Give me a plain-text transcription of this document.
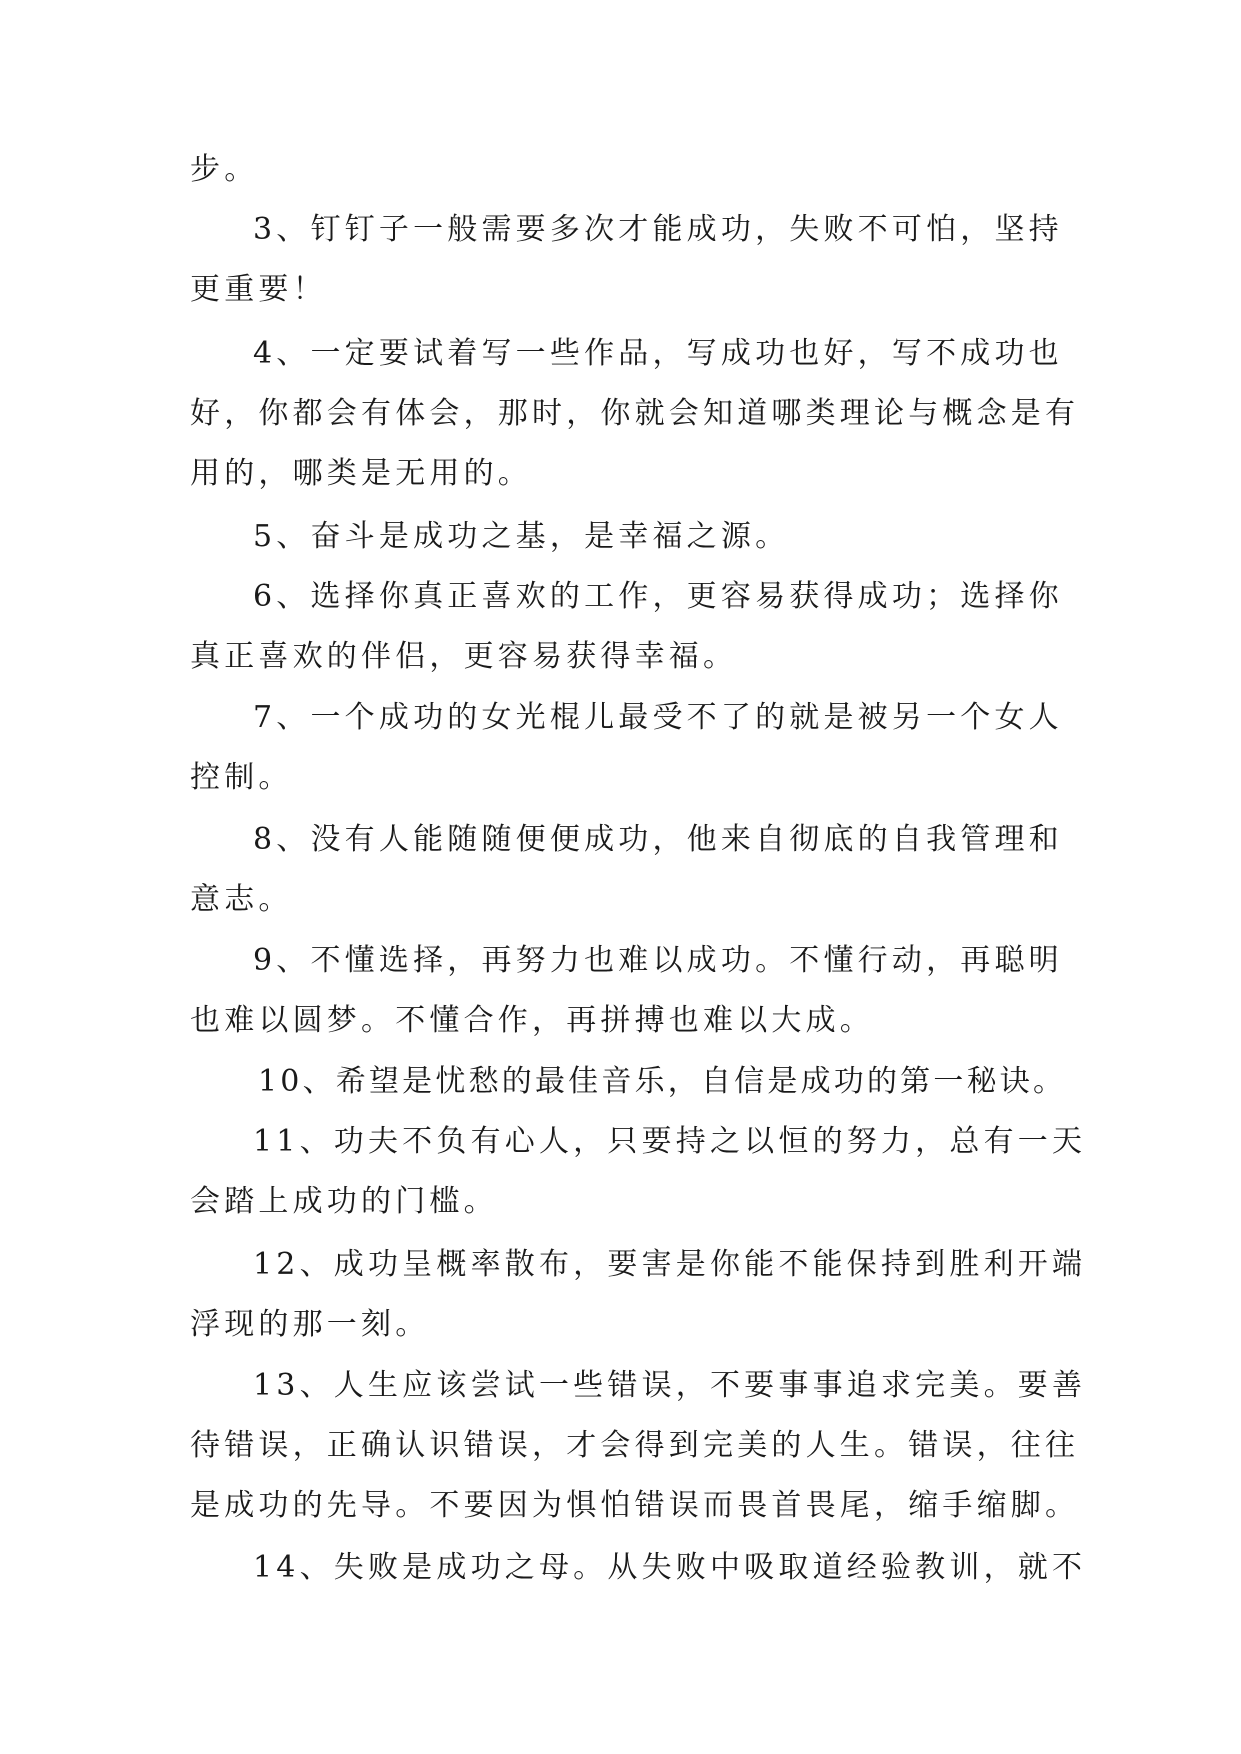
步。
3、钉钉子一般需要多次才能成功，失败不可怕，坚持
更重要！
4、一定要试着写一些作品，写成功也好，写不成功也
好，你都会有体会，那时，你就会知道哪类理论与概念是有
用的，哪类是无用的。
5、奋斗是成功之基，是幸福之源。
6、选择你真正喜欢的工作，更容易获得成功；选择你
真正喜欢的伴侣，更容易获得幸福。
7、一个成功的女光棍儿最受不了的就是被另一个女人
控制。
8、没有人能随随便便成功，他来自彻底的自我管理和
意志。
9、不懂选择，再努力也难以成功。不懂行动，再聪明
也难以圆梦。不懂合作，再拼搏也难以大成。
10、希望是忧愁的最佳音乐，自信是成功的第一秘诀。
11、功夫不负有心人，只要持之以恒的努力，总有一天
会踏上成功的门槛。
12、成功呈概率散布，要害是你能不能保持到胜利开端
浮现的那一刻。
13、人生应该尝试一些错误，不要事事追求完美。要善
待错误，正确认识错误，才会得到完美的人生。错误，往往
是成功的先导。不要因为惧怕错误而畏首畏尾，缩手缩脚。
14、失败是成功之母。从失败中吸取道经验教训，就不
